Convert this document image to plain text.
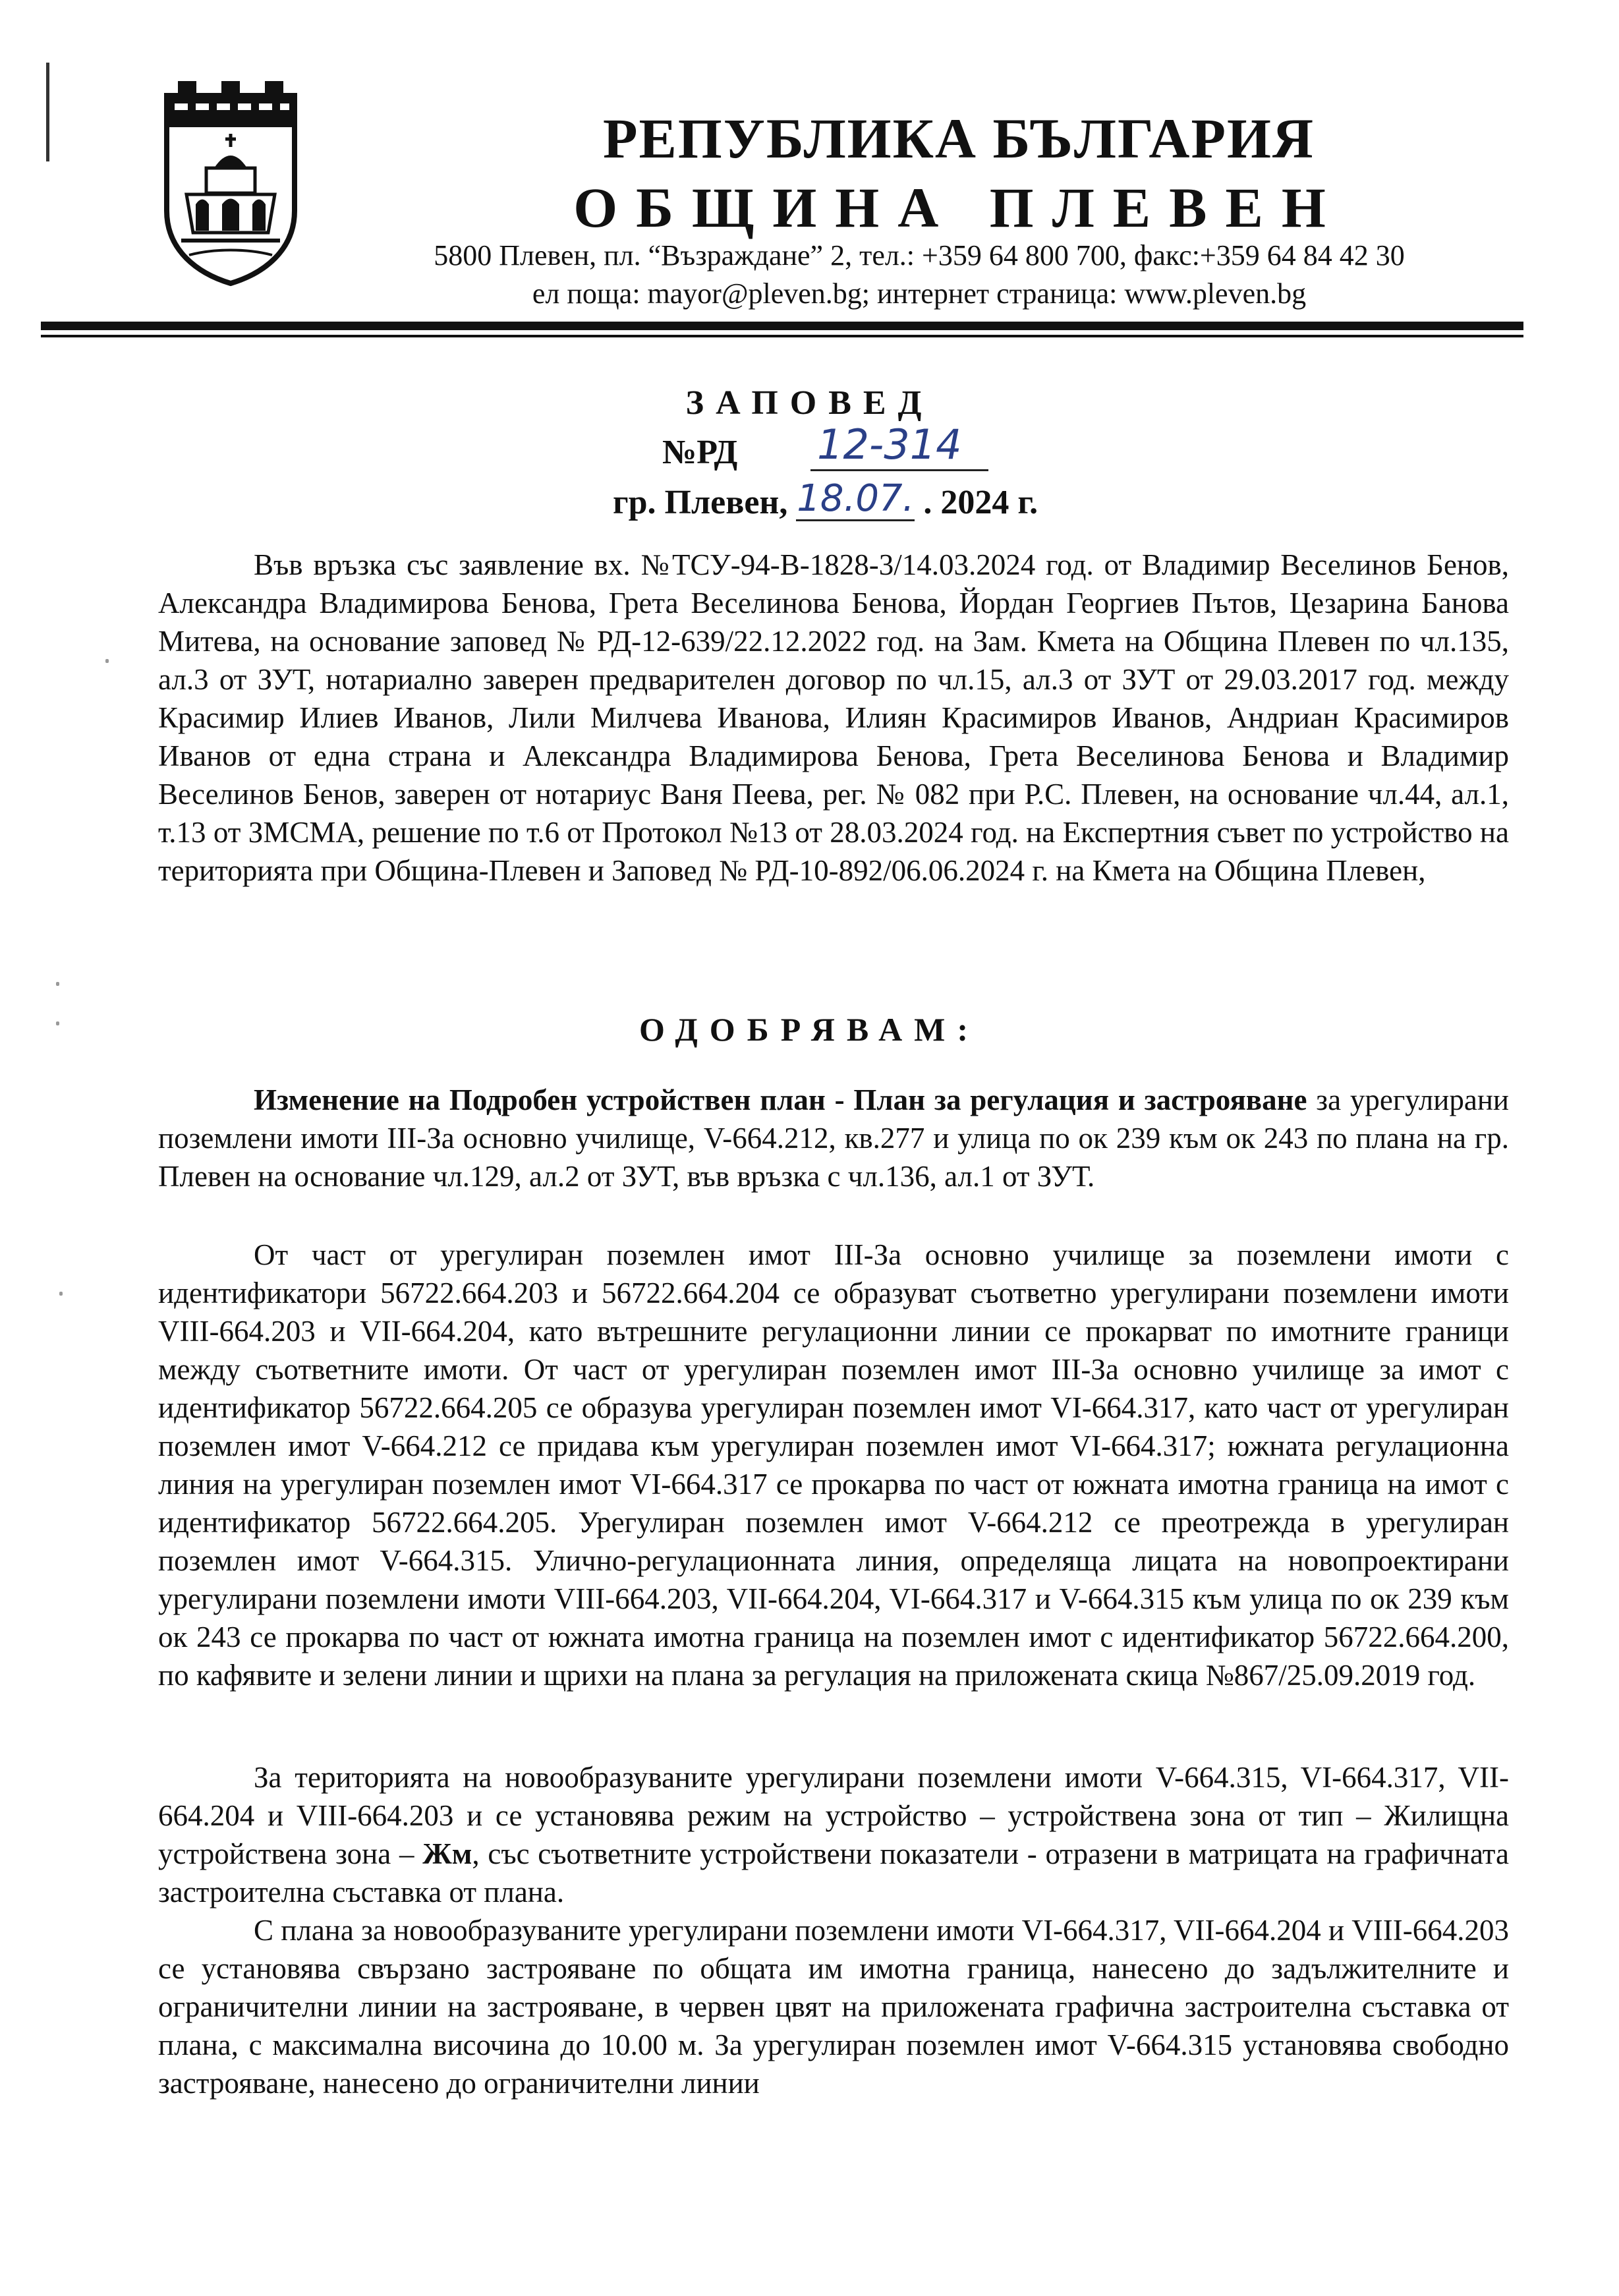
РЕПУБЛИКА БЪЛГАРИЯ
ОБЩИНА ПЛЕВЕН
5800 Плевен, пл. “Възраждане” 2, тел.: +359 64 800 700, факс:+359 64 84 42 30
ел поща: mayor@pleven.bg; интернет страница: www.pleven.bg
ЗАПОВЕД
№РД 12-314
гр. Плевен, 18.07. . 2024 г.

Във връзка със заявление вх. №ТСУ-94-В-1828-3/14.03.2024 год. от Владимир Веселинов Бенов, Александра Владимирова Бенова, Грета Веселинова Бенова, Йордан Георгиев Пътов, Цезарина Банова Митева, на основание заповед № РД-12-639/22.12.2022 год. на Зам. Кмета на Община Плевен по чл.135, ал.3 от ЗУТ, нотариално заверен предварителен договор по чл.15, ал.3 от ЗУТ от 29.03.2017 год. между Красимир Илиев Иванов, Лили Милчева Иванова, Илиян Красимиров Иванов, Андриан Красимиров Иванов от една страна и Александра Владимирова Бенова, Грета Веселинова Бенова и Владимир Веселинов Бенов, заверен от нотариус Ваня Пеева, рег. № 082 при Р.С. Плевен, на основание чл.44, ал.1, т.13 от ЗМСМА, решение по т.6 от Протокол №13 от 28.03.2024 год. на Експертния съвет по устройство на територията при Община-Плевен и Заповед № РД-10-892/06.06.2024 г. на Кмета на Община Плевен,

ОДОБРЯВАМ:

Изменение на Подробен устройствен план - План за регулация и застрояване за урегулирани поземлени имоти III-За основно училище, V-664.212, кв.277 и улица по ок 239 към ок 243 по плана на гр. Плевен на основание чл.129, ал.2 от ЗУТ, във връзка с чл.136, ал.1 от ЗУТ.

От част от урегулиран поземлен имот III-За основно училище за поземлени имоти с идентификатори 56722.664.203 и 56722.664.204 се образуват съответно урегулирани поземлени имоти VIII-664.203 и VII-664.204, като вътрешните регулационни линии се прокарват по имотните граници между съответните имоти. От част от урегулиран поземлен имот III-За основно училище за имот с идентификатор 56722.664.205 се образува урегулиран поземлен имот VI-664.317, като част от урегулиран поземлен имот V-664.212 се придава към урегулиран поземлен имот VI-664.317; южната регулационна линия на урегулиран поземлен имот VI-664.317 се прокарва по част от южната имотна граница на имот с идентификатор 56722.664.205. Урегулиран поземлен имот V-664.212 се преотрежда в урегулиран поземлен имот V-664.315. Улично-регулационната линия, определяща лицата на новопроектирани урегулирани поземлени имоти VIII-664.203, VII-664.204, VI-664.317 и V-664.315 към улица по ок 239 към ок 243 се прокарва по част от южната имотна граница на поземлен имот с идентификатор 56722.664.200, по кафявите и зелени линии и щрихи на плана за регулация на приложената скица №867/25.09.2019 год.

За територията на новообразуваните урегулирани поземлени имоти V-664.315, VI-664.317, VII-664.204 и VIII-664.203 и се установява режим на устройство – устройствена зона от тип – Жилищна устройствена зона – Жм, със съответните устройствени показатели - отразени в матрицата на графичната застроителна съставка от плана.

С плана за новообразуваните урегулирани поземлени имоти VI-664.317, VII-664.204 и VIII-664.203 се установява свързано застрояване по общата им имотна граница, нанесено до задължителните и ограничителни линии на застрояване, в червен цвят на приложената графична застроителна съставка от плана, с максимална височина до 10.00 м. За урегулиран поземлен имот V-664.315 установява свободно застрояване, нанесено до ограничителни линии
